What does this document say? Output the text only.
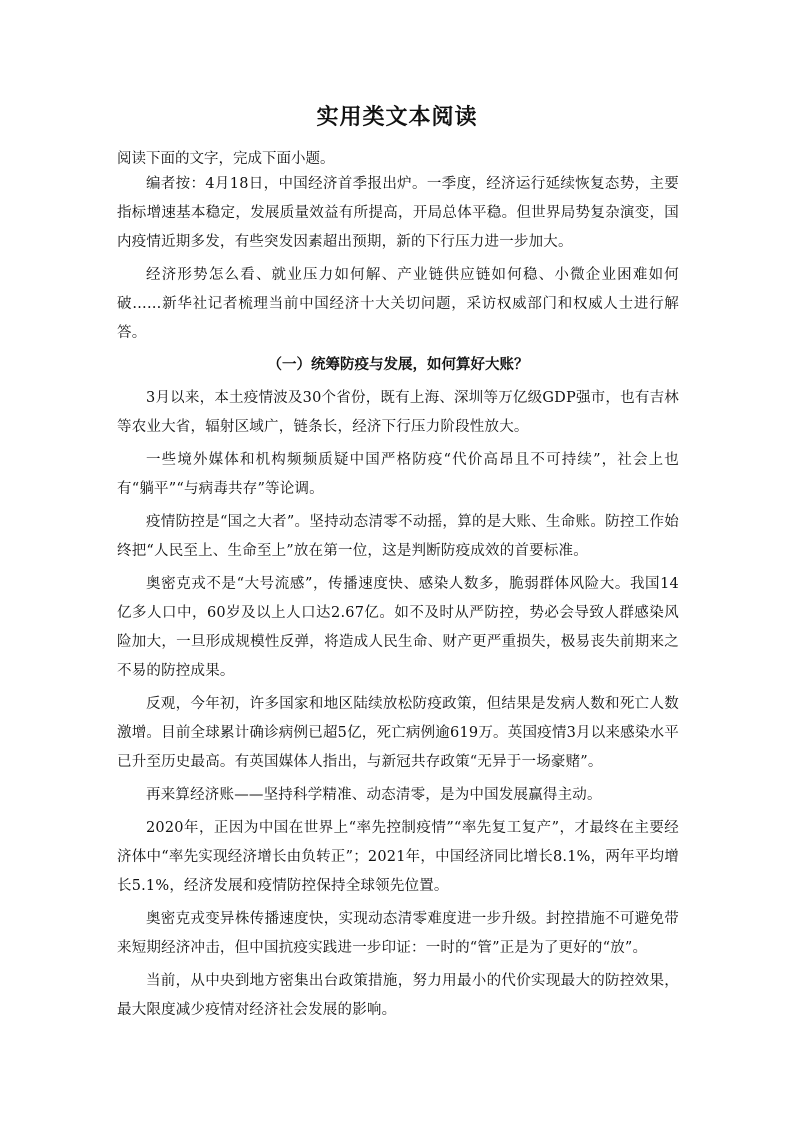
实用类文本阅读
阅读下面的文字，完成下面小题。

编者按：4月18日，中国经济首季报出炉。一季度，经济运行延续恢复态势，主要指标增速基本稳定，发展质量效益有所提高，开局总体平稳。但世界局势复杂演变，国内疫情近期多发，有些突发因素超出预期，新的下行压力进一步加大。

经济形势怎么看、就业压力如何解、产业链供应链如何稳、小微企业困难如何破……新华社记者梳理当前中国经济十大关切问题，采访权威部门和权威人士进行解答。

（一）统筹防疫与发展，如何算好大账？

3月以来，本土疫情波及30个省份，既有上海、深圳等万亿级GDP强市，也有吉林等农业大省，辐射区域广，链条长，经济下行压力阶段性放大。

一些境外媒体和机构频频质疑中国严格防疫“代价高昂且不可持续”，社会上也有“躺平”“与病毒共存”等论调。

疫情防控是“国之大者”。坚持动态清零不动摇，算的是大账、生命账。防控工作始终把“人民至上、生命至上”放在第一位，这是判断防疫成效的首要标准。

奥密克戎不是“大号流感”，传播速度快、感染人数多，脆弱群体风险大。我国14亿多人口中，60岁及以上人口达2.67亿。如不及时从严防控，势必会导致人群感染风险加大，一旦形成规模性反弹，将造成人民生命、财产更严重损失，极易丧失前期来之不易的防控成果。

反观，今年初，许多国家和地区陆续放松防疫政策，但结果是发病人数和死亡人数激增。目前全球累计确诊病例已超5亿，死亡病例逾619万。英国疫情3月以来感染水平已升至历史最高。有英国媒体人指出，与新冠共存政策“无异于一场豪赌”。

再来算经济账——坚持科学精准、动态清零，是为中国发展赢得主动。

2020年，正因为中国在世界上“率先控制疫情”“率先复工复产”，才最终在主要经济体中“率先实现经济增长由负转正”；2021年，中国经济同比增长8.1%，两年平均增长5.1%，经济发展和疫情防控保持全球领先位置。

奥密克戎变异株传播速度快，实现动态清零难度进一步升级。封控措施不可避免带来短期经济冲击，但中国抗疫实践进一步印证：一时的“管”正是为了更好的“放”。

当前，从中央到地方密集出台政策措施，努力用最小的代价实现最大的防控效果，最大限度减少疫情对经济社会发展的影响。
